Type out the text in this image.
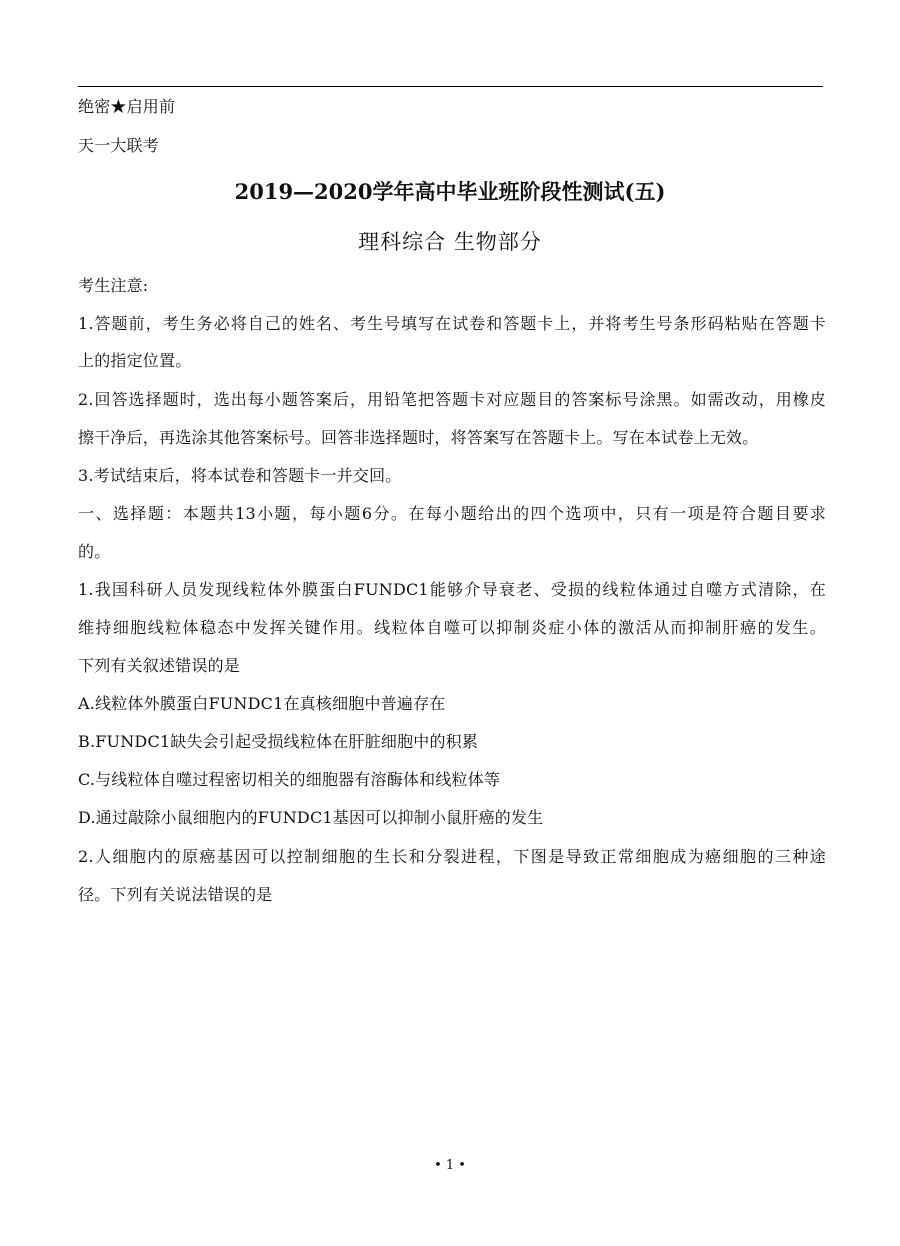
绝密★启用前
天一大联考
2019—2020学年高中毕业班阶段性测试(五)
理科综合 生物部分
考生注意:
1.答题前，考生务必将自己的姓名、考生号填写在试卷和答题卡上，并将考生号条形码粘贴在答题卡
上的指定位置。
2.回答选择题时，选出每小题答案后，用铅笔把答题卡对应题目的答案标号涂黑。如需改动，用橡皮
擦干净后，再选涂其他答案标号。回答非选择题时，将答案写在答题卡上。写在本试卷上无效。
3.考试结束后，将本试卷和答题卡一并交回。
一、选择题：本题共13小题，每小题6分。在每小题给出的四个选项中，只有一项是符合题目要求
的。
1.我国科研人员发现线粒体外膜蛋白FUNDC1能够介导衰老、受损的线粒体通过自噬方式清除，在
维持细胞线粒体稳态中发挥关键作用。线粒体自噬可以抑制炎症小体的激活从而抑制肝癌的发生。
下列有关叙述错误的是
A.线粒体外膜蛋白FUNDC1在真核细胞中普遍存在
B.FUNDC1缺失会引起受损线粒体在肝脏细胞中的积累
C.与线粒体自噬过程密切相关的细胞器有溶酶体和线粒体等
D.通过敲除小鼠细胞内的FUNDC1基因可以抑制小鼠肝癌的发生
2.人细胞内的原癌基因可以控制细胞的生长和分裂进程，下图是导致正常细胞成为癌细胞的三种途
径。下列有关说法错误的是
• 1 •
